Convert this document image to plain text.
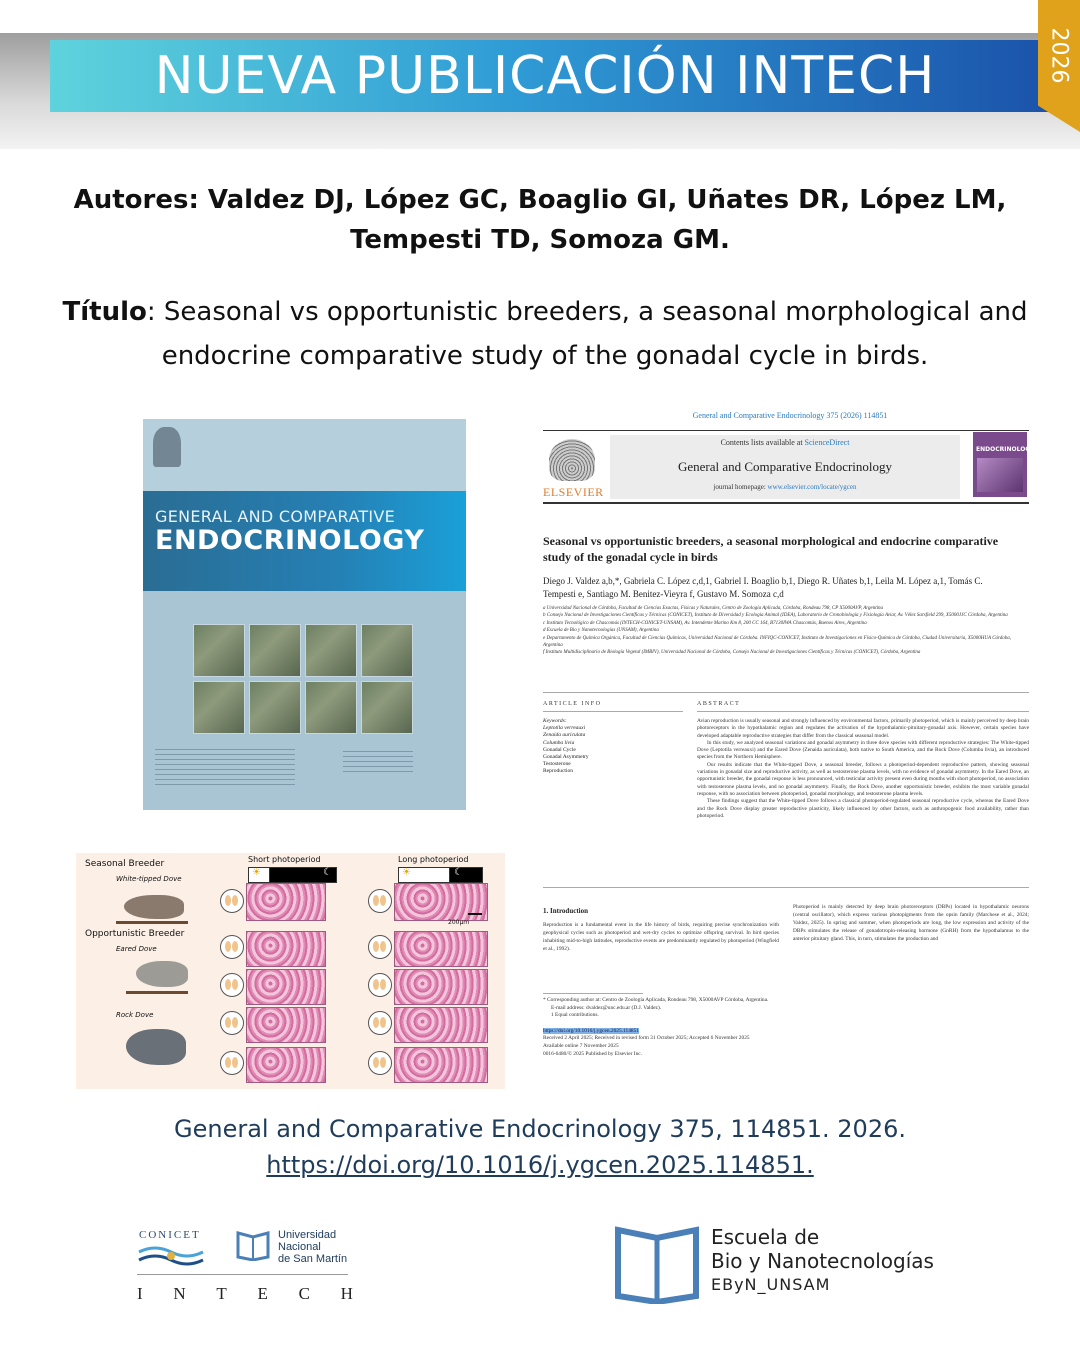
NUEVA PUBLICACIÓN INTECH	2026
Autores: Valdez DJ, López GC, Boaglio GI, Uñates DR, López LM, Tempesti TD, Somoza GM.
Título: Seasonal vs opportunistic breeders, a seasonal morphological and endocrine comparative study of the gonadal cycle in birds.
GENERAL AND COMPARATIVE
ENDOCRINOLOGY
General and Comparative Endocrinology 375 (2026) 114851
ELSEVIER
Contents lists available at ScienceDirect
General and Comparative Endocrinology
journal homepage: www.elsevier.com/locate/ygcen
ENDOCRINOLOGY
Seasonal vs opportunistic breeders, a seasonal morphological and endocrine comparative study of the gonadal cycle in birds
Diego J. Valdez a,b,*, Gabriela C. López c,d,1, Gabriel I. Boaglio b,1, Diego R. Uñates b,1, Leila M. López a,1, Tomás C. Tempesti e, Santiago M. Benitez-Vieyra f, Gustavo M. Somoza c,d
a Universidad Nacional de Córdoba, Facultad de Ciencias Exactas, Físicas y Naturales, Centro de Zoología Aplicada, Córdoba, Rondeau 798, CP X5000AVP, Argentina
b Consejo Nacional de Investigaciones Científicas y Técnicas (CONICET), Instituto de Diversidad y Ecología Animal (IDEA), Laboratorio de Cronobiología y Fisiología Aviar, Av. Vélez Sarsfield 299, X5000JJC Córdoba, Argentina
c Instituto Tecnológico de Chascomús (INTECH-CONICET-UNSAM), Av. Intendente Marino Km 8, 200 CC 164, B7130IWA Chascomús, Buenos Aires, Argentina
d Escuela de Bio y Nanotecnologías (UNSAM), Argentina
e Departamento de Química Orgánica, Facultad de Ciencias Químicas, Universidad Nacional de Córdoba. INFIQC-CONICET, Instituto de Investigaciones en Físico-Química de Córdoba, Ciudad Universitaria, X5000HUA Córdoba, Argentina
f Instituto Multidisciplinario de Biología Vegetal (IMBIV), Universidad Nacional de Córdoba, Consejo Nacional de Investigaciones Científicas y Técnicas (CONICET), Córdoba, Argentina
ARTICLE INFO	ABSTRACT
Keywords:
Leptotila verreauxi
Zenaida auriculata
Columba livia
Gonadal Cycle
Gonadal Asymmetry
Testosterone
Reproduction
Avian reproduction is usually seasonal and strongly influenced by environmental factors, primarily photoperiod, which is mainly perceived by deep brain photoreceptors in the hypothalamic region and regulates the activation of the hypothalamic-pituitary-gonadal axis. However, certain species have developed adaptable reproductive strategies that differ from the classical seasonal model.
In this study, we analyzed seasonal variations and gonadal asymmetry in three dove species with different reproductive strategies: The White-tipped Dove (Leptotila verreauxi) and the Eared Dove (Zenaida auriculata), both native to South America, and the Rock Dove (Columba livia), an introduced species from the Northern Hemisphere.
Our results indicate that the White-tipped Dove, a seasonal breeder, follows a photoperiod-dependent reproductive pattern, showing seasonal variations in gonadal size and reproductive activity, as well as testosterone plasma levels, with no evidence of gonadal asymmetry. In the Eared Dove, an opportunistic breeder, the gonadal response is less pronounced, with testicular activity present even during months with short photoperiod, no association with testosterone plasma levels, and no gonadal asymmetry. Finally, the Rock Dove, another opportunistic breeder, exhibits the most variable gonadal response, with no association between photoperiod, gonadal morphology, and testosterone plasma levels.
These findings suggest that the White-tipped Dove follows a classical photoperiod-regulated seasonal reproductive cycle, whereas the Eared Dove and the Rock Dove display greater reproductive plasticity, likely influenced by other factors, such as anthropogenic food availability, rather than photoperiod.
1. Introduction
Reproduction is a fundamental event in the life history of birds, requiring precise synchronization with geophysical cycles such as photoperiod and wet-dry cycles to optimize offspring survival. In bird species inhabiting mid-to-high latitudes, reproductive events are predominantly regulated by photoperiod (Wingfield et al., 1992).
Photoperiod is mainly detected by deep brain photoreceptors (DBPs) located in hypothalamic neurons (central oscillator), which express various photopigments from the opsin family (Marchese et al., 2024; Valdez, 2025). In spring and summer, when photoperiods are long, the low expression and activity of the DBPs stimulates the release of gonadotropin-releasing hormone (GnRH) from the hypothalamus to the anterior pituitary gland. This, in turn, stimulates the production and
* Corresponding author at: Centro de Zoología Aplicada, Rondeau 798, X5000AVP Córdoba, Argentina.
E-mail address: dvaldez@unc.edu.ar (D.J. Valdez).
1 Equal contributions.
https://doi.org/10.1016/j.ygcen.2025.114851
Received 2 April 2025; Received in revised form 31 October 2025; Accepted 6 November 2025
Available online 7 November 2025
0016-6480/© 2025 Published by Elsevier Inc.
Seasonal Breeder
White-tipped Dove
Opportunistic Breeder
Eared Dove
Rock Dove
Short photoperiod	Long photoperiod
☀	☾	☀	☾
200µm
General and Comparative Endocrinology 375, 114851. 2026.
https://doi.org/10.1016/j.ygcen.2025.114851.
CONICET	Universidad
Nacional
de San Martín
I N T E C H
Escuela de
Bio y Nanotecnologías
EByN_UNSAM
